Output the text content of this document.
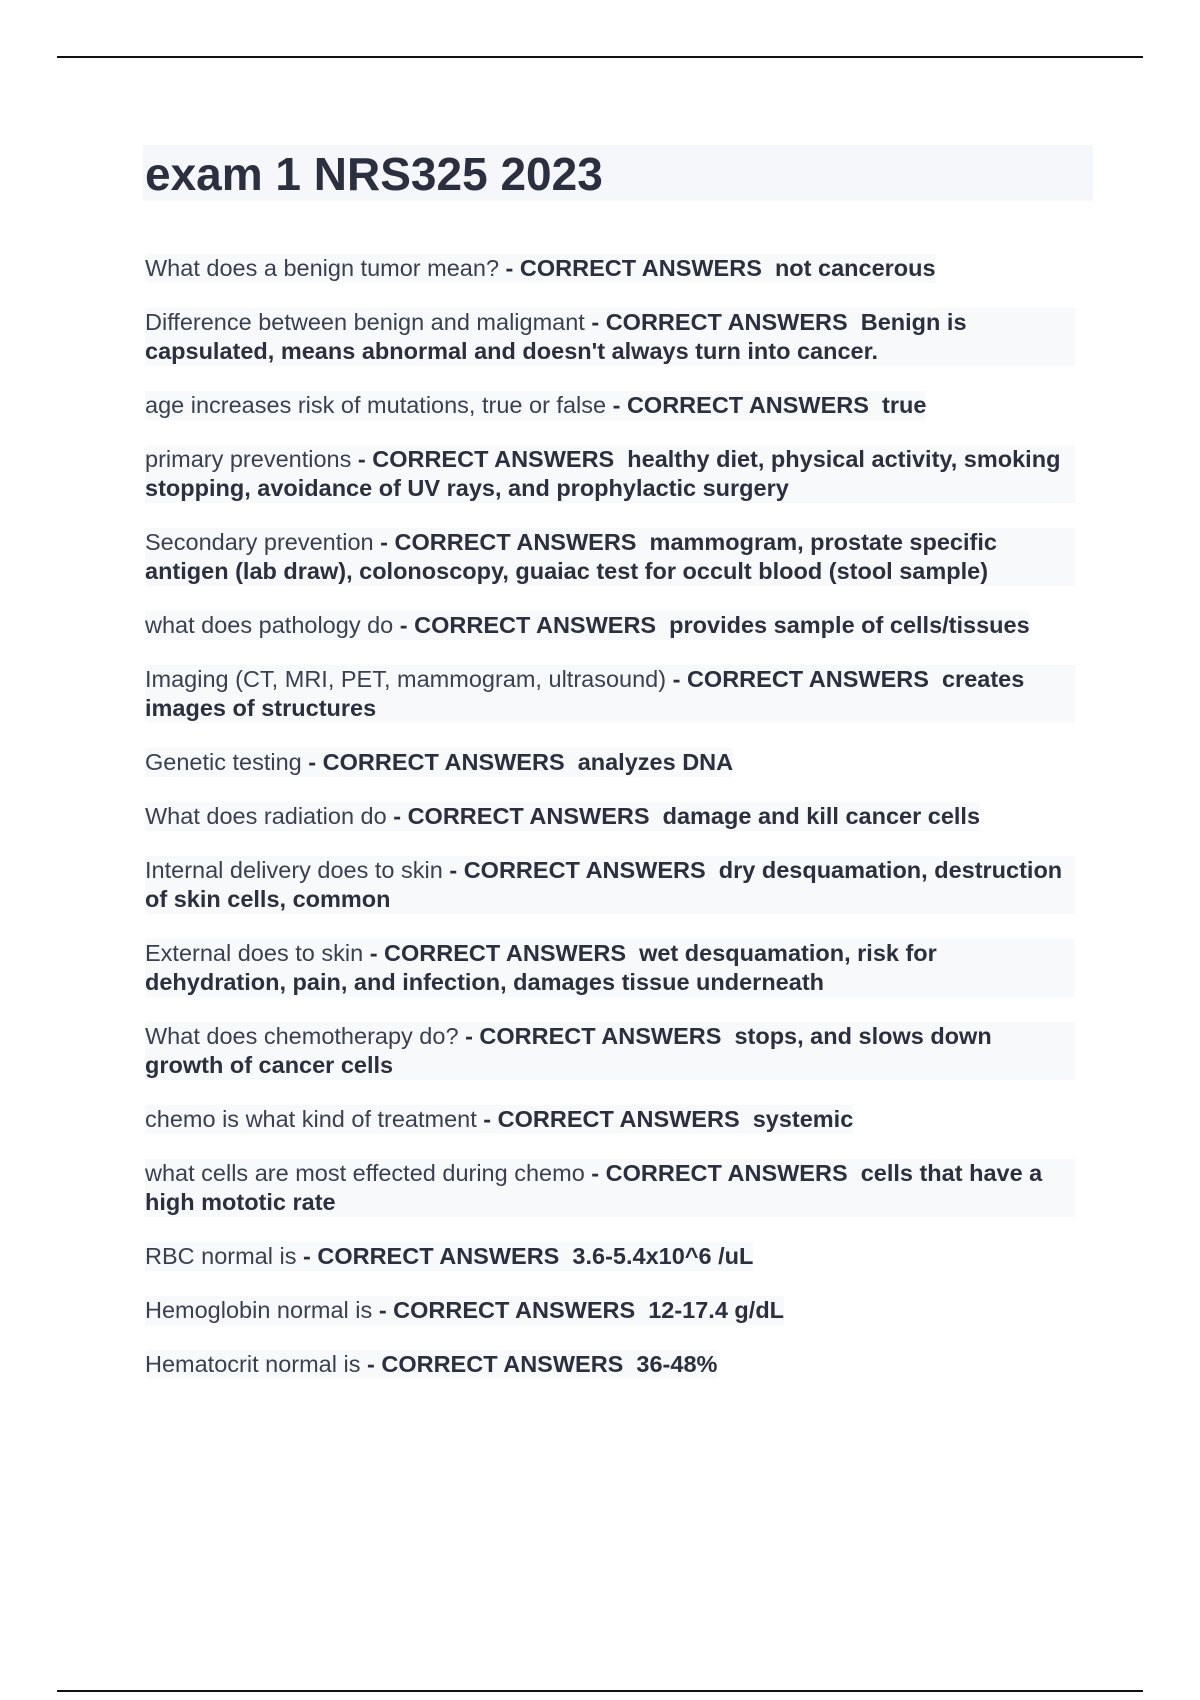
exam 1 NRS325 2023

What does a benign tumor mean? - CORRECT ANSWERS not cancerous

Difference between benign and maligmant - CORRECT ANSWERS Benign is capsulated, means abnormal and doesn't always turn into cancer.

age increases risk of mutations, true or false - CORRECT ANSWERS true

primary preventions - CORRECT ANSWERS healthy diet, physical activity, smoking stopping, avoidance of UV rays, and prophylactic surgery

Secondary prevention - CORRECT ANSWERS mammogram, prostate specific antigen (lab draw), colonoscopy, guaiac test for occult blood (stool sample)

what does pathology do - CORRECT ANSWERS provides sample of cells/tissues

Imaging (CT, MRI, PET, mammogram, ultrasound) - CORRECT ANSWERS creates images of structures

Genetic testing - CORRECT ANSWERS analyzes DNA

What does radiation do - CORRECT ANSWERS damage and kill cancer cells

Internal delivery does to skin - CORRECT ANSWERS dry desquamation, destruction of skin cells, common

External does to skin - CORRECT ANSWERS wet desquamation, risk for dehydration, pain, and infection, damages tissue underneath

What does chemotherapy do? - CORRECT ANSWERS stops, and slows down growth of cancer cells

chemo is what kind of treatment - CORRECT ANSWERS systemic

what cells are most effected during chemo - CORRECT ANSWERS cells that have a high mototic rate

RBC normal is - CORRECT ANSWERS 3.6-5.4x10^6 /uL

Hemoglobin normal is - CORRECT ANSWERS 12-17.4 g/dL

Hematocrit normal is - CORRECT ANSWERS 36-48%
